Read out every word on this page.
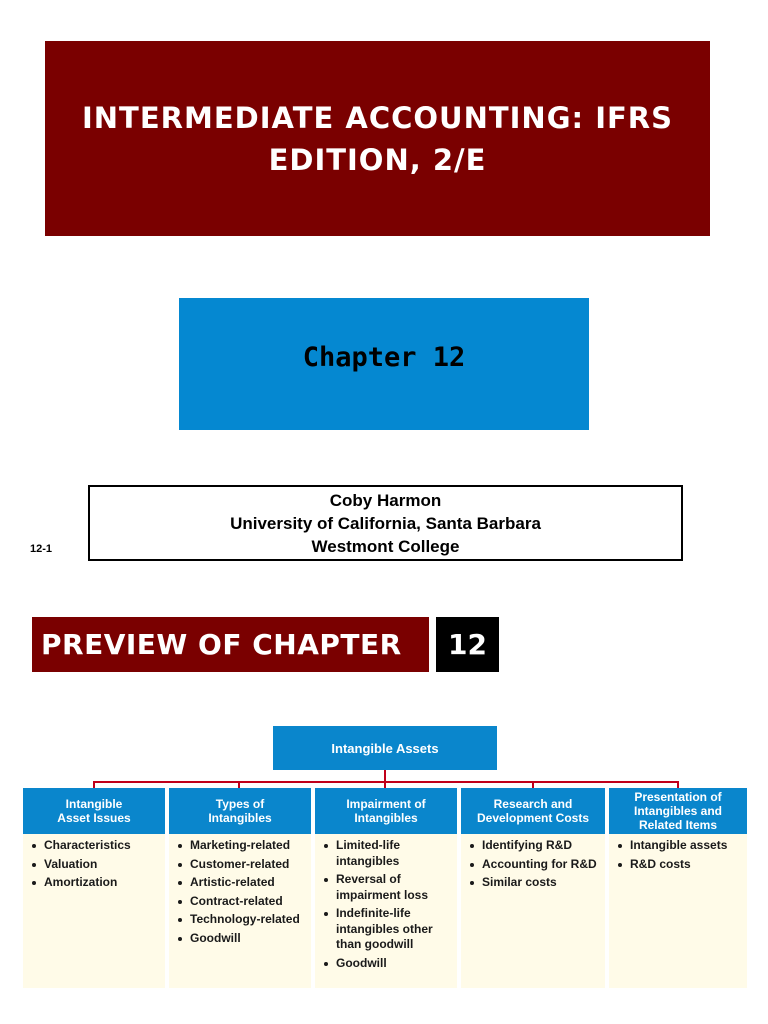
INTERMEDIATE ACCOUNTING: IFRS
EDITION, 2/E
Chapter 12
Coby Harmon
University of California, Santa Barbara
Westmont College
12-1
PREVIEW OF CHAPTER 12
Intangible Assets
Intangible
Asset Issues
Characteristics
Valuation
Amortization
Types of
Intangibles
Marketing-related
Customer-related
Artistic-related
Contract-related
Technology-related
Goodwill
Impairment of
Intangibles
Limited-life
intangibles
Reversal of
impairment loss
Indefinite-life
intangibles other
than goodwill
Goodwill
Research and
Development Costs
Identifying R&D
Accounting for R&D
Similar costs
Presentation of
Intangibles and
Related Items
Intangible assets
R&D costs
